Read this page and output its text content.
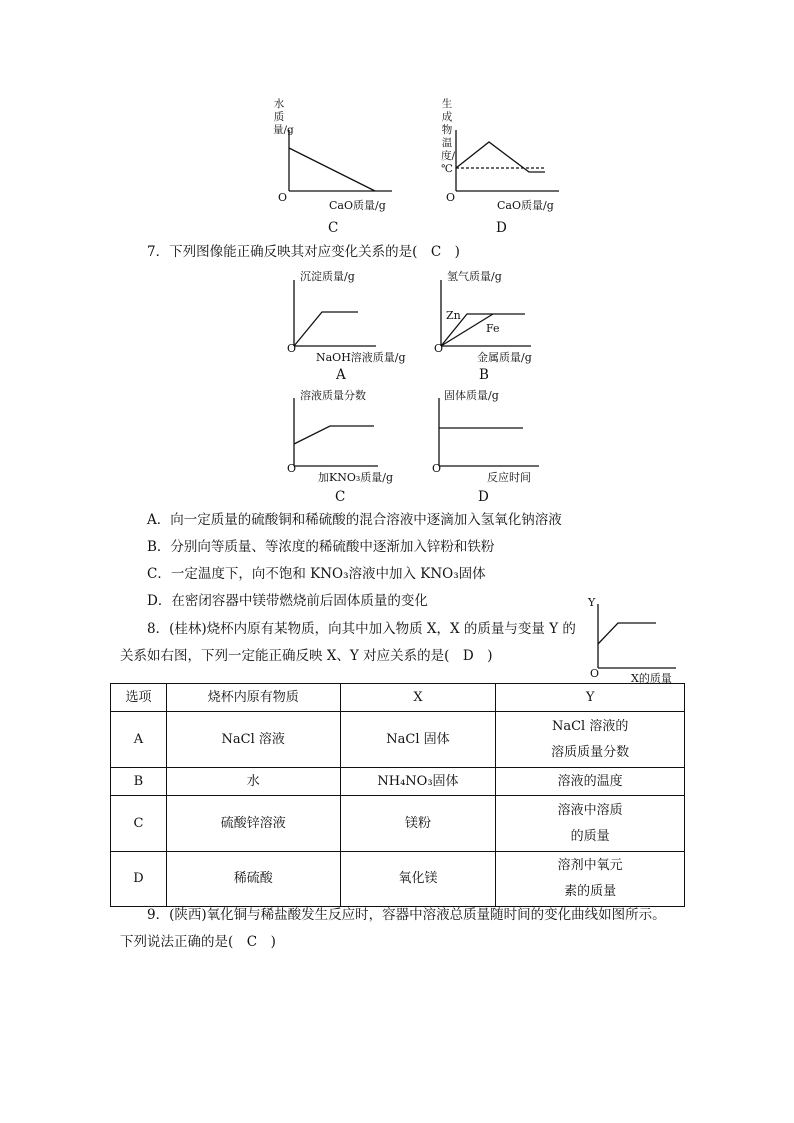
水质量/g
O
CaO质量/g
C
生成物温度/℃
O
CaO质量/g
D
7．下列图像能正确反映其对应变化关系的是(　C　)
沉淀质量/g
O
NaOH溶液质量/g
A
氢气质量/g
Zn
Fe
O
金属质量/g
B
溶液质量分数
O
加KNO₃质量/g
C
固体质量/g
O
反应时间
D
A．向一定质量的硫酸铜和稀硫酸的混合溶液中逐滴加入氢氧化钠溶液
B．分别向等质量、等浓度的稀硫酸中逐渐加入锌粉和铁粉
C．一定温度下，向不饱和 KNO₃溶液中加入 KNO₃固体
D．在密闭容器中镁带燃烧前后固体质量的变化
8．(桂林)烧杯内原有某物质，向其中加入物质 X，X 的质量与变量 Y 的
关系如右图，下列一定能正确反映 X、Y 对应关系的是(　D　)
Y
O	X的质量
选项	烧杯内原有物质	X	Y
A	NaCl 溶液	NaCl 固体	NaCl 溶液的
溶质质量分数

B	水	NH₄NO₃固体	溶液的温度
C	硫酸锌溶液	镁粉	溶液中溶质
的质量

D	稀硫酸	氧化镁	溶剂中氧元
素的质量
9．(陕西)氧化铜与稀盐酸发生反应时，容器中溶液总质量随时间的变化曲线如图所示。
下列说法正确的是(　C　)
